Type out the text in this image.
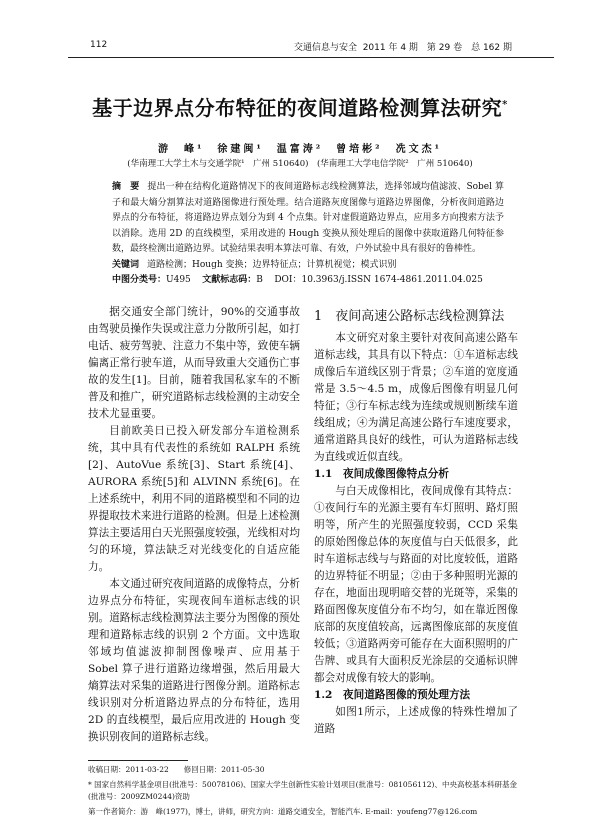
112	交通信息与安全 2011 年 4 期　第 29 卷　总 162 期
基于边界点分布特征的夜间道路检测算法研究*
游　峰¹　徐建闽¹　温富涛²　曾培彬²　冼文杰¹
(华南理工大学土木与交通学院¹　广州 510640)　(华南理工大学电信学院²　广州 510640)
摘　要 提出一种在结构化道路情况下的夜间道路标志线检测算法，选择邻域均值滤波、Sobel 算子和最大熵分割算法对道路图像进行预处理。结合道路灰度图像与道路边界图像，分析夜间道路边界点的分布特征，将道路边界点划分为到 4 个点集。针对虚假道路边界点，应用多方向搜索方法予以消除。选用 2D 的直线模型，采用改进的 Hough 变换从预处理后的图像中获取道路几何特征参数，最终检测出道路边界。试验结果表明本算法可靠、有效，户外试验中具有很好的鲁棒性。
关键词 道路检测；Hough 变换；边界特征点；计算机视觉；模式识别
中图分类号：U495 文献标志码：B DOI：10.3963/j.ISSN 1674-4861.2011.04.025

据交通安全部门统计，90%的交通事故由驾驶员操作失误或注意力分散所引起，如打电话、疲劳驾驶、注意力不集中等，致使车辆偏离正常行驶车道，从而导致重大交通伤亡事故的发生[1]。目前，随着我国私家车的不断普及和推广，研究道路标志线检测的主动安全技术尤显重要。

目前欧美日已投入研发部分车道检测系统，其中具有代表性的系统如 RALPH 系统[2]、AutoVue 系统[3]、Start 系统[4]、AURORA 系统[5]和 ALVINN 系统[6]。在上述系统中，利用不同的道路模型和不同的边界提取技术来进行道路的检测。但是上述检测算法主要适用白天光照强度较强，光线相对均匀的环境，算法缺乏对光线变化的自适应能力。

本文通过研究夜间道路的成像特点，分析边界点分布特征，实现夜间车道标志线的识别。道路标志线检测算法主要分为图像的预处理和道路标志线的识别 2 个方面。文中选取邻域均值滤波抑制图像噪声、应用基于 Sobel 算子进行道路边缘增强，然后用最大熵算法对采集的道路进行图像分割。道路标志线识别对分析道路边界点的分布特征，选用 2D 的直线模型，最后应用改进的 Hough 变换识别夜间的道路标志线。

1　夜间高速公路标志线检测算法

本文研究对象主要针对夜间高速公路车道标志线，其具有以下特点：①车道标志线成像后车道线区别于背景；②车道的宽度通常是 3.5～4.5 m，成像后图像有明显几何特征；③行车标志线为连续或规则断续车道线组成；④为满足高速公路行车速度要求，通常道路具良好的线性，可认为道路标志线为直线或近似直线。

1.1　夜间成像图像特点分析

与白天成像相比，夜间成像有其特点：①夜间行车的光源主要有车灯照明、路灯照明等，所产生的光照强度较弱，CCD 采集的原始图像总体的灰度值与白天低很多，此时车道标志线与与路面的对比度较低，道路的边界特征不明显；②由于多种照明光源的存在，地面出现明暗交替的光斑等，采集的路面图像灰度值分布不均匀，如在靠近图像底部的灰度值较高，远离图像底部的灰度值较低；③道路两旁可能存在大面积照明的广告牌、或具有大面积反光涂层的交通标识牌都会对成像有较大的影响。

1.2　夜间道路图像的预处理方法

如图1所示，上述成像的特殊性增加了道路

收稿日期：2011-03-22　　修回日期：2011-05-30
* 国家自然科学基金项目(批准号：50078106)、国家大学生创新性实验计划项目(批准号：081056112)、中央高校基本科研基金(批准号：2009ZM0244)资助
第一作者简介：游　峰(1977)，博士，讲师，研究方向：道路交通安全，智能汽车. E-mail：youfeng77@126.com
